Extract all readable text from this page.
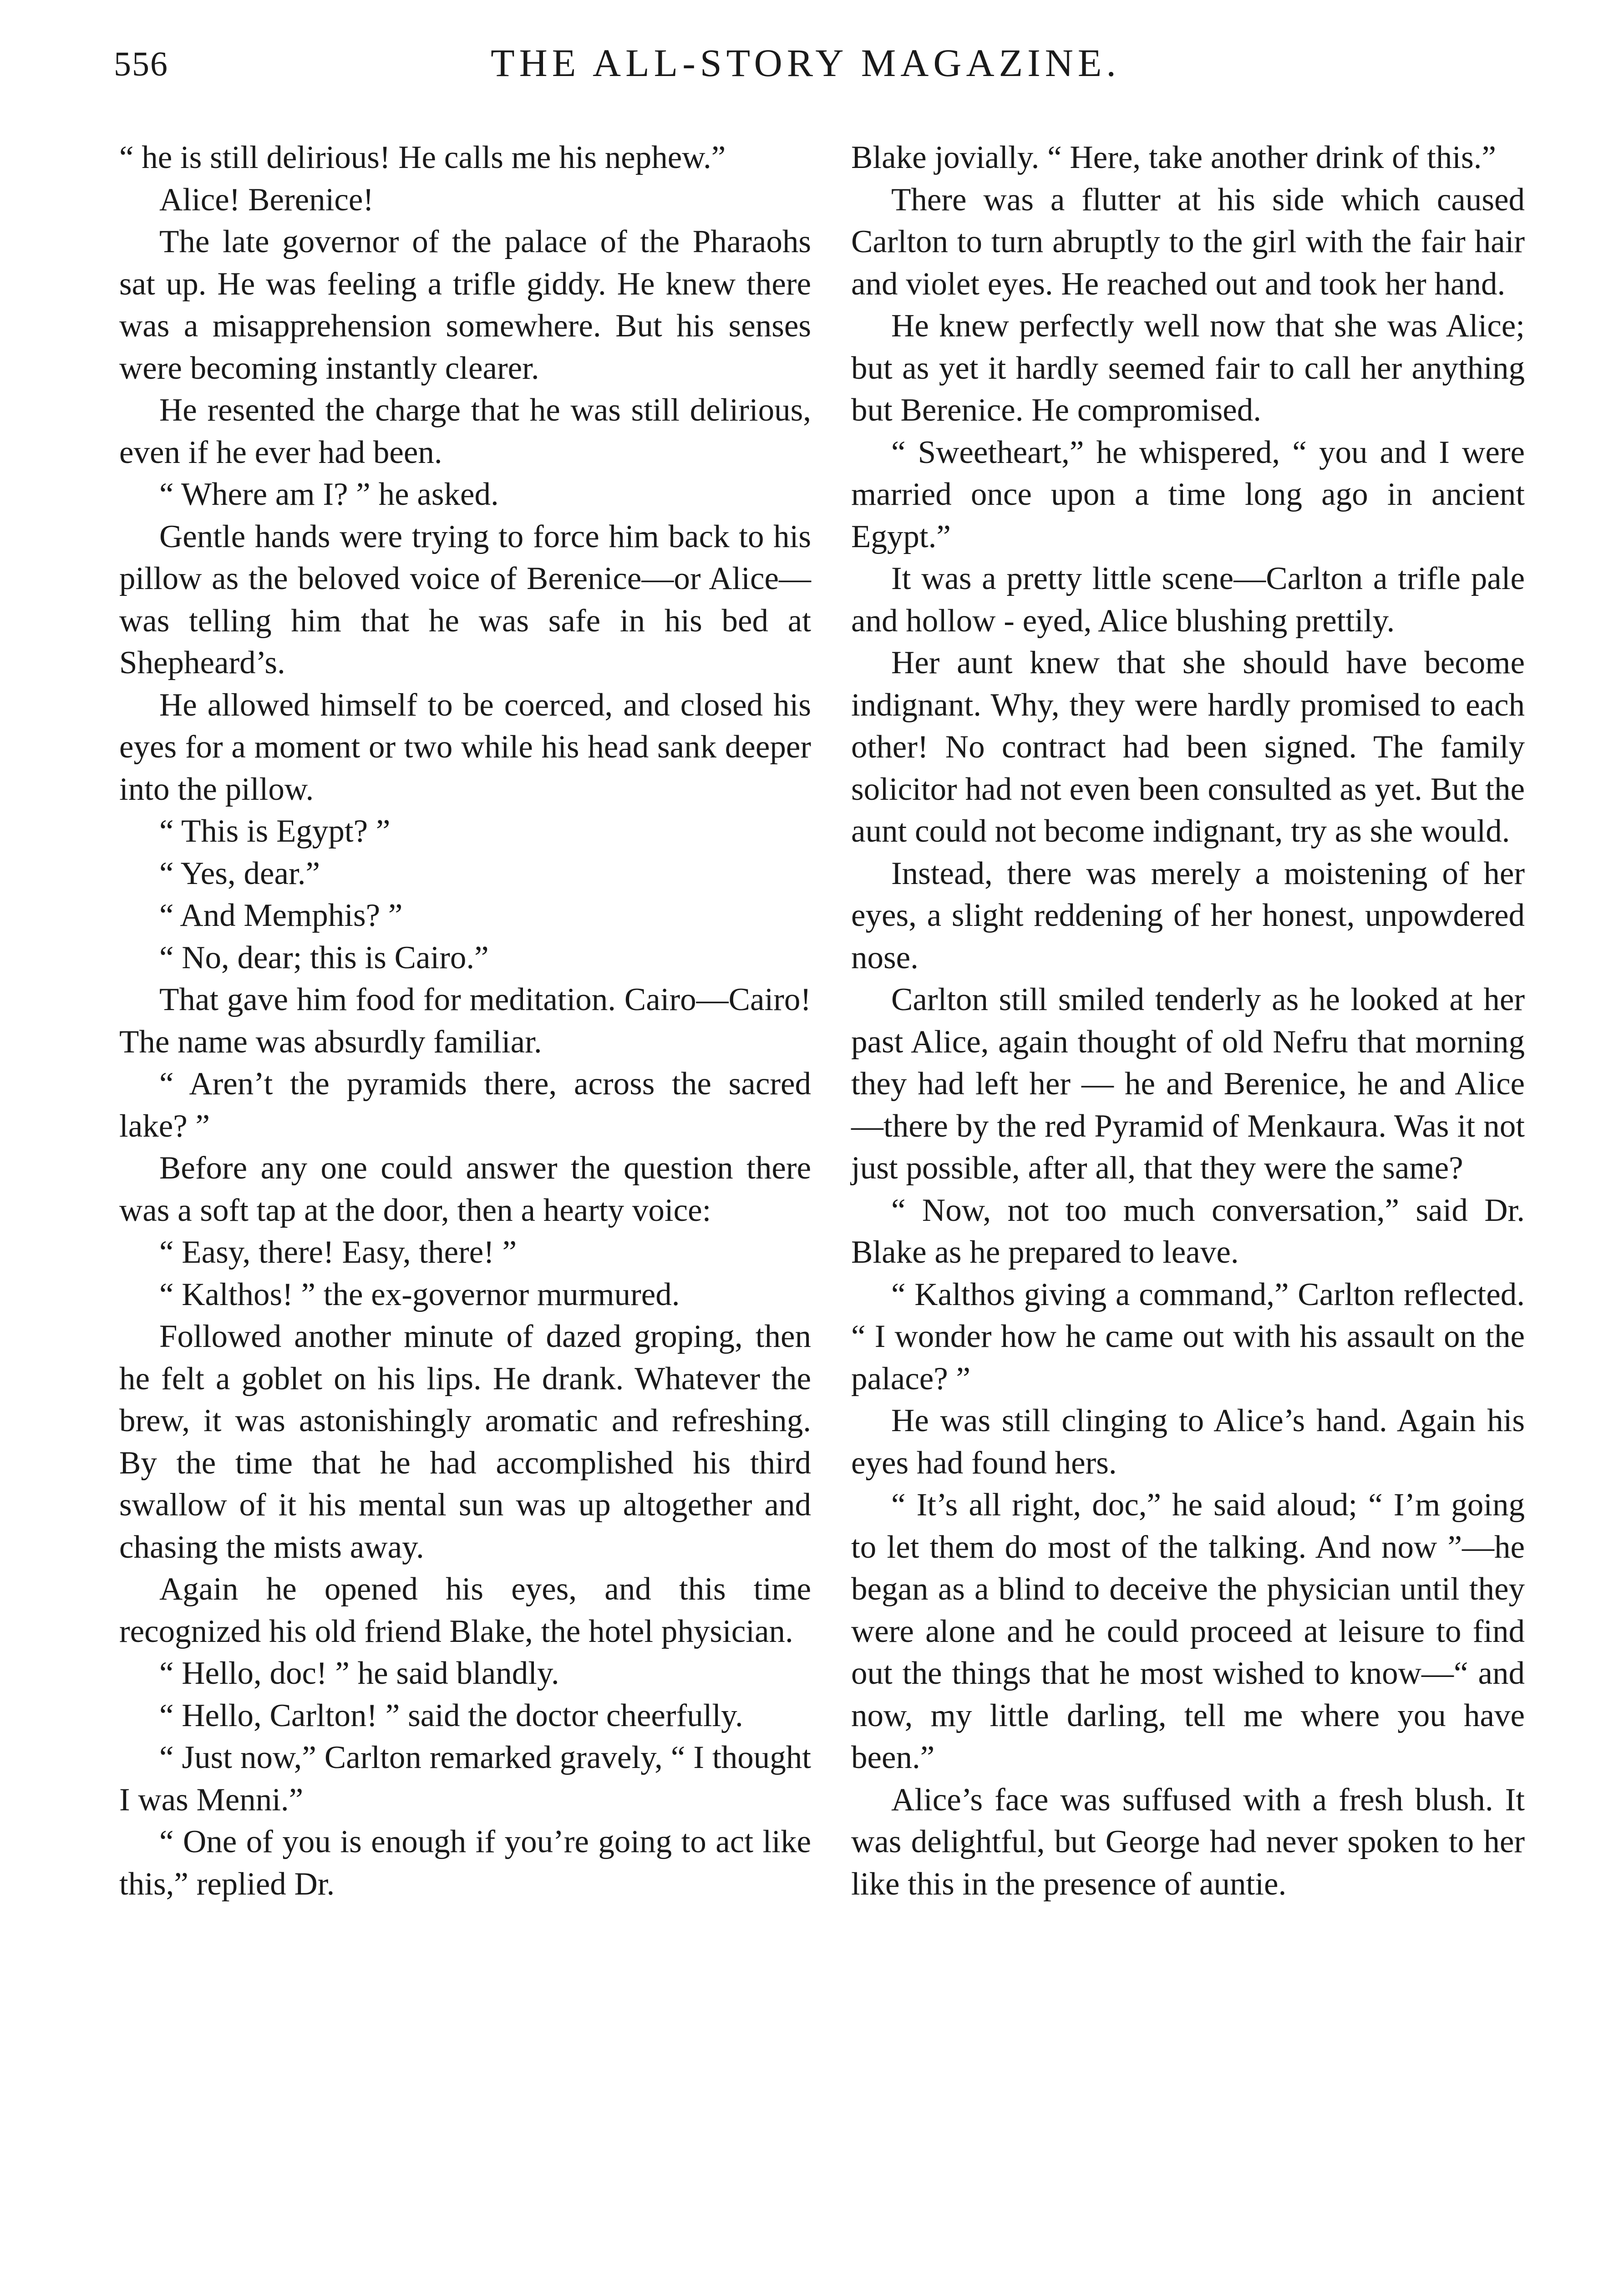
556	THE ALL-STORY MAGAZINE.

“ he is still delirious! He calls me his nephew.”

Alice! Berenice!

The late governor of the palace of the Pharaohs sat up. He was feeling a trifle giddy. He knew there was a misapprehension somewhere. But his senses were becoming instantly clearer.

He resented the charge that he was still delirious, even if he ever had been.

“ Where am I? ” he asked.

Gentle hands were trying to force him back to his pillow as the beloved voice of Berenice—or Alice—was telling him that he was safe in his bed at Shepheard’s.

He allowed himself to be coerced, and closed his eyes for a moment or two while his head sank deeper into the pillow.

“ This is Egypt? ”

“ Yes, dear.”

“ And Memphis? ”

“ No, dear; this is Cairo.”

That gave him food for meditation. Cairo—Cairo! The name was absurdly familiar.

“ Aren’t the pyramids there, across the sacred lake? ”

Before any one could answer the question there was a soft tap at the door, then a hearty voice:

“ Easy, there! Easy, there! ”

“ Kalthos! ” the ex-governor murmured.

Followed another minute of dazed groping, then he felt a goblet on his lips. He drank. Whatever the brew, it was astonishingly aromatic and refreshing. By the time that he had accomplished his third swallow of it his mental sun was up altogether and chasing the mists away.

Again he opened his eyes, and this time recognized his old friend Blake, the hotel physician.

“ Hello, doc! ” he said blandly.

“ Hello, Carlton! ” said the doctor cheerfully.

“ Just now,” Carlton remarked gravely, “ I thought I was Menni.”

“ One of you is enough if you’re going to act like this,” replied Dr.

Blake jovially. “ Here, take another drink of this.”

There was a flutter at his side which caused Carlton to turn abruptly to the girl with the fair hair and violet eyes. He reached out and took her hand.

He knew perfectly well now that she was Alice; but as yet it hardly seemed fair to call her anything but Berenice. He compromised.

“ Sweetheart,” he whispered, “ you and I were married once upon a time long ago in ancient Egypt.”

It was a pretty little scene—Carlton a trifle pale and hollow - eyed, Alice blushing prettily.

Her aunt knew that she should have become indignant. Why, they were hardly promised to each other! No contract had been signed. The family solicitor had not even been consulted as yet. But the aunt could not become indignant, try as she would.

Instead, there was merely a moistening of her eyes, a slight reddening of her honest, unpowdered nose.

Carlton still smiled tenderly as he looked at her past Alice, again thought of old Nefru that morning they had left her — he and Berenice, he and Alice—there by the red Pyramid of Menkaura. Was it not just possible, after all, that they were the same?

“ Now, not too much conversation,” said Dr. Blake as he prepared to leave.

“ Kalthos giving a command,” Carlton reflected. “ I wonder how he came out with his assault on the palace? ”

He was still clinging to Alice’s hand. Again his eyes had found hers.

“ It’s all right, doc,” he said aloud; “ I’m going to let them do most of the talking. And now ”—he began as a blind to deceive the physician until they were alone and he could proceed at leisure to find out the things that he most wished to know—“ and now, my little darling, tell me where you have been.”

Alice’s face was suffused with a fresh blush. It was delightful, but George had never spoken to her like this in the presence of auntie.
